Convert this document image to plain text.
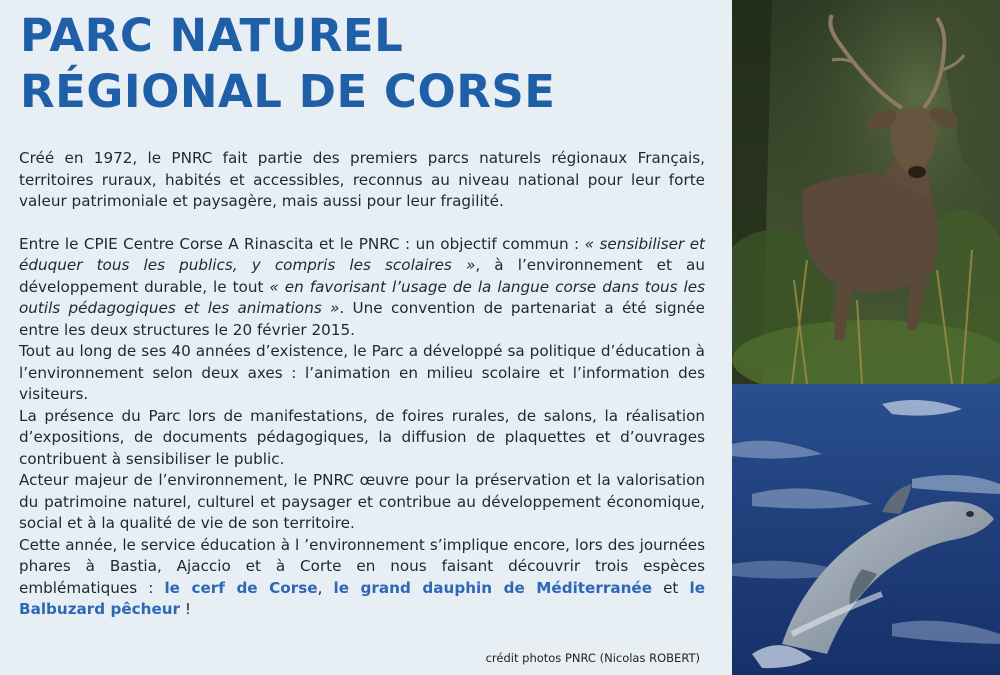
PARC NATUREL
RÉGIONAL DE CORSE

Créé en 1972, le PNRC fait partie des premiers parcs naturels régionaux Français, territoires ruraux, habités et accessibles, reconnus au niveau national pour leur forte valeur patrimoniale et paysagère, mais aussi pour leur fragilité.

Entre le CPIE Centre Corse A Rinascita et le PNRC : un objectif commun : « sensibiliser et éduquer tous les publics, y compris les scolaires », à l’environnement et au développement durable, le tout « en favorisant l’usage de la langue corse dans tous les outils pédagogiques et les animations ». Une convention de partenariat a été signée entre les deux structures le 20 février 2015.

Tout au long de ses 40 années d’existence, le Parc a développé sa politique d’éducation à l’environnement selon deux axes : l’animation en milieu scolaire et l’information des visiteurs.

La présence du Parc lors de manifestations, de foires rurales, de salons, la réalisation d’expositions, de documents pédagogiques, la diffusion de plaquettes et d’ouvrages contribuent à sensibiliser le public.

Acteur majeur de l’environnement, le PNRC œuvre pour la préservation et la valorisation du patrimoine naturel, culturel et paysager et contribue au développement économique, social et à la qualité de vie de son territoire.

Cette année, le service éducation à l ’environnement s’implique encore, lors des journées phares à Bastia, Ajaccio et à Corte en nous faisant découvrir trois espèces emblématiques : le cerf de Corse, le grand dauphin de Méditerranée et le Balbuzard pêcheur !

crédit photos PNRC (Nicolas ROBERT)
